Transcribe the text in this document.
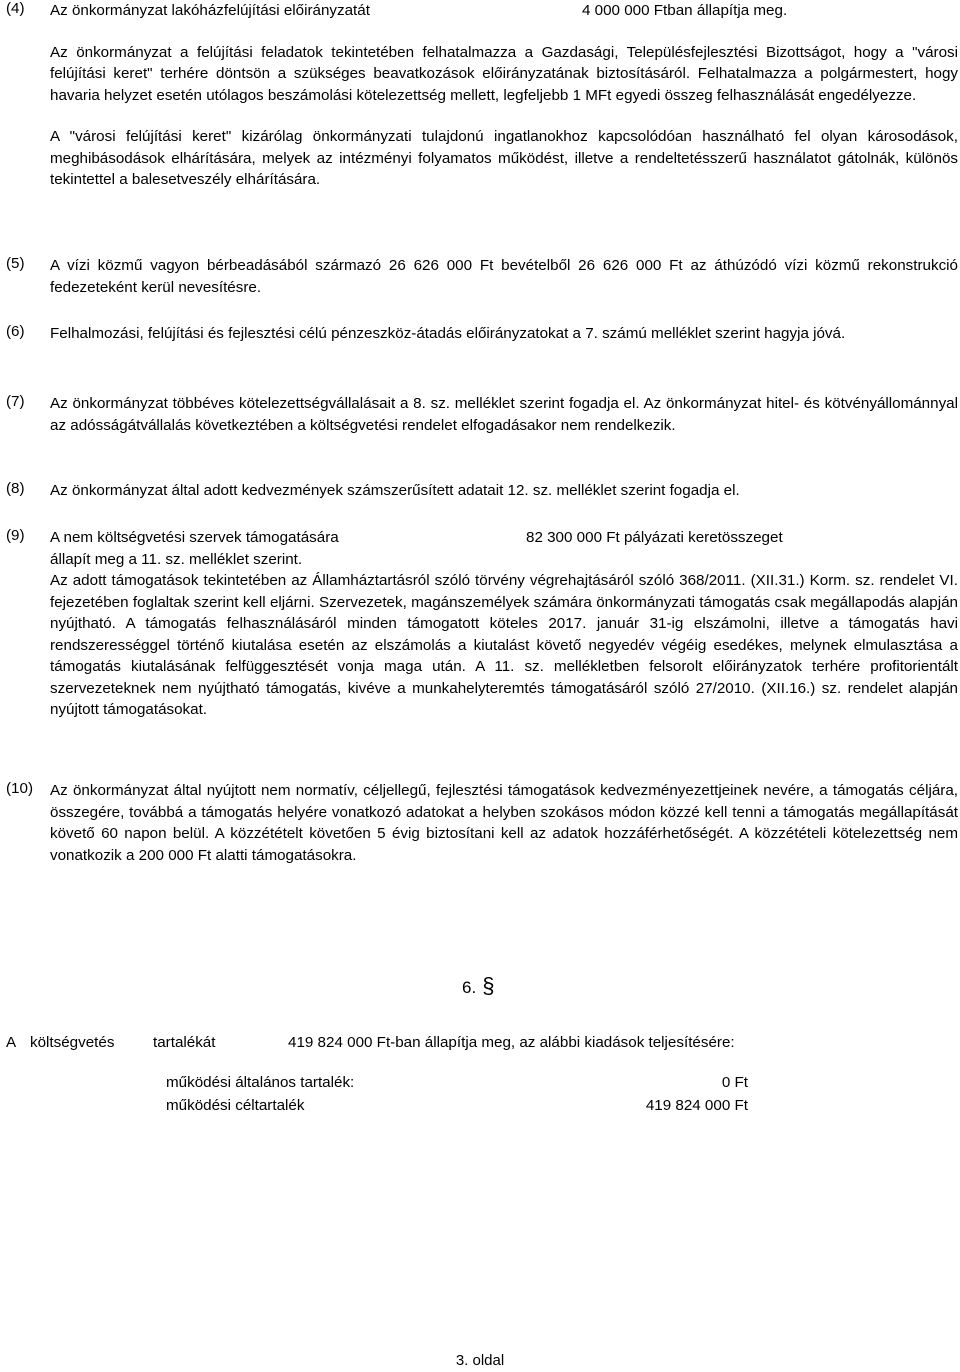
(4) Az önkormányzat lakóházfelújítási előirányzatát	4 000 000 Ftban állapítja meg.

Az önkormányzat a felújítási feladatok tekintetében felhatalmazza a Gazdasági, Településfejlesztési Bizottságot, hogy a "városi felújítási keret" terhére döntsön a szükséges beavatkozások előirányzatának biztosításáról. Felhatalmazza a polgármestert, hogy havaria helyzet esetén utólagos beszámolási kötelezettség mellett, legfeljebb 1 MFt egyedi összeg felhasználását engedélyezze.

A "városi felújítási keret" kizárólag önkormányzati tulajdonú ingatlanokhoz kapcsolódóan használható fel olyan károsodások, meghibásodások elhárítására, melyek az intézményi folyamatos működést, illetve a rendeltetésszerű használatot gátolnák, különös tekintettel a balesetveszély elhárítására.

(5) A vízi közmű vagyon bérbeadásából származó 26 626 000 Ft bevételből 26 626 000 Ft az áthúzódó vízi közmű rekonstrukció fedezeteként kerül nevesítésre.

(6) Felhalmozási, felújítási és fejlesztési célú pénzeszköz-átadás előirányzatokat a 7. számú melléklet szerint hagyja jóvá.

(7) Az önkormányzat többéves kötelezettségvállalásait a 8. sz. melléklet szerint fogadja el. Az önkormányzat hitel- és kötvényállománnyal az adósságátvállalás következtében a költségvetési rendelet elfogadásakor nem rendelkezik.

(8) Az önkormányzat által adott kedvezmények számszerűsített adatait 12. sz. melléklet szerint fogadja el.

(9) A nem költségvetési szervek támogatására	82 300 000 Ft pályázati keretösszeget
állapít meg a 11. sz. melléklet szerint.

Az adott támogatások tekintetében az Államháztartásról szóló törvény végrehajtásáról szóló 368/2011. (XII.31.) Korm. sz. rendelet VI. fejezetében foglaltak szerint kell eljárni. Szervezetek, magánszemélyek számára önkormányzati támogatás csak megállapodás alapján nyújtható. A támogatás felhasználásáról minden támogatott köteles 2017. január 31-ig elszámolni, illetve a támogatás havi rendszerességgel történő kiutalása esetén az elszámolás a kiutalást követő negyedév végéig esedékes, melynek elmulasztása a támogatás kiutalásának felfüggesztését vonja maga után. A 11. sz. mellékletben felsorolt előirányzatok terhére profitorientált szervezeteknek nem nyújtható támogatás, kivéve a munkahelyteremtés támogatásáról szóló 27/2010. (XII.16.) sz. rendelet alapján nyújtott támogatásokat.

(10) Az önkormányzat által nyújtott nem normatív, céljellegű, fejlesztési támogatások kedvezményezettjeinek nevére, a támogatás céljára, összegére, továbbá a támogatás helyére vonatkozó adatokat a helyben szokásos módon közzé kell tenni a támogatás megállapítását követő 60 napon belül. A közzétételt követően 5 évig biztosítani kell az adatok hozzáférhetőségét. A közzétételi kötelezettség nem vonatkozik a 200 000 Ft alatti támogatásokra.

6. §
A költségvetés	tartalékát	419 824 000 Ft-ban állapítja meg, az alábbi kiadások teljesítésére:
működési általános tartalék:	0 Ft
működési céltartalék	419 824 000 Ft
3. oldal
